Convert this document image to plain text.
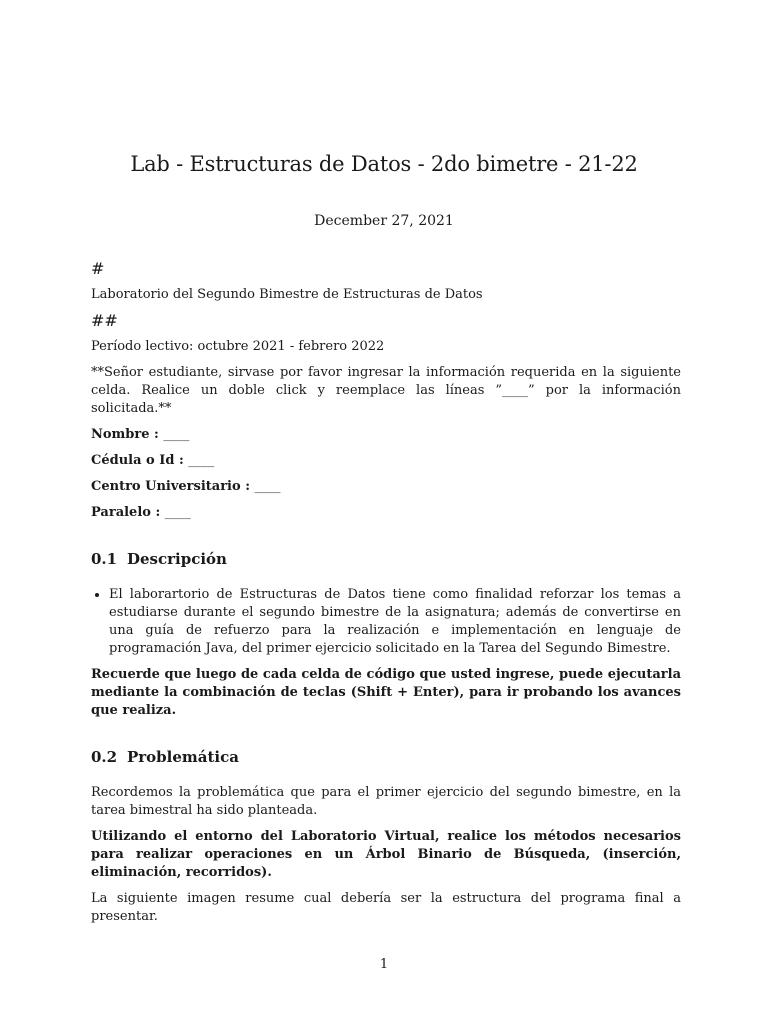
Lab - Estructuras de Datos - 2do bimetre - 21-22
December 27, 2021
#

Laboratorio del Segundo Bimestre de Estructuras de Datos

##

Período lectivo: octubre 2021 - febrero 2022

**Señor estudiante, sirvase por favor ingresar la información requerida en la siguiente celda. Realice un doble click y reemplace las líneas ”____” por la información solicitada.**

Nombre : ____
Cédula o Id : ____
Centro Universitario : ____
Paralelo : ____
0.1 Descripción
• El laborartorio de Estructuras de Datos tiene como finalidad reforzar los temas a estudiarse durante el segundo bimestre de la asignatura; además de convertirse en una guía de refuerzo para la realización e implementación en lenguaje de programación Java, del primer ejercicio solicitado en la Tarea del Segundo Bimestre.

Recuerde que luego de cada celda de código que usted ingrese, puede ejecutarla mediante la combinación de teclas (Shift + Enter), para ir probando los avances que realiza.

0.2 Problemática

Recordemos la problemática que para el primer ejercicio del segundo bimestre, en la tarea bimestral ha sido planteada.

Utilizando el entorno del Laboratorio Virtual, realice los métodos necesarios para realizar operaciones en un Árbol Binario de Búsqueda, (inserción, eliminación, recorridos).

La siguiente imagen resume cual debería ser la estructura del programa final a presentar.

1
